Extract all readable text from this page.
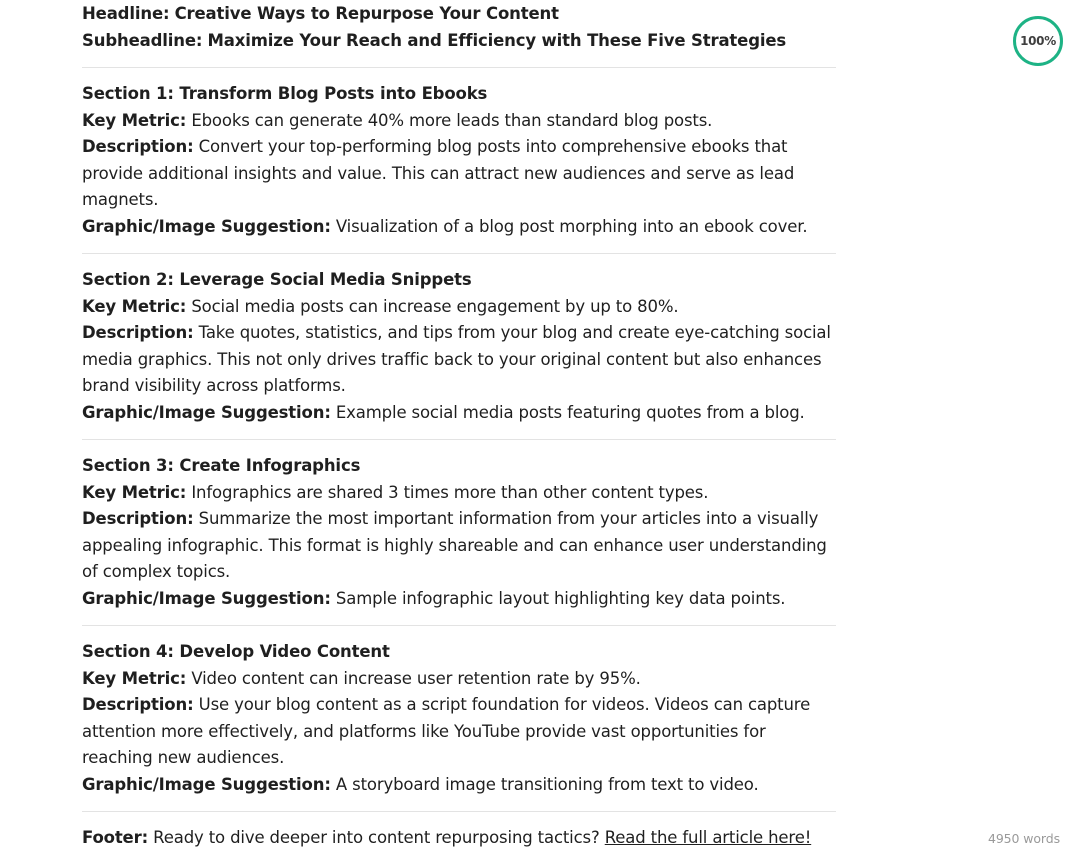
Headline: Creative Ways to Repurpose Your Content

Subheadline: Maximize Your Reach and Efficiency with These Five Strategies

Section 1: Transform Blog Posts into Ebooks

Key Metric: Ebooks can generate 40% more leads than standard blog posts.

Description: Convert your top-performing blog posts into comprehensive ebooks that provide additional insights and value. This can attract new audiences and serve as lead magnets.

Graphic/Image Suggestion: Visualization of a blog post morphing into an ebook cover.

Section 2: Leverage Social Media Snippets

Key Metric: Social media posts can increase engagement by up to 80%.

Description: Take quotes, statistics, and tips from your blog and create eye-catching social media graphics. This not only drives traffic back to your original content but also enhances brand visibility across platforms.

Graphic/Image Suggestion: Example social media posts featuring quotes from a blog.

Section 3: Create Infographics

Key Metric: Infographics are shared 3 times more than other content types.

Description: Summarize the most important information from your articles into a visually appealing infographic. This format is highly shareable and can enhance user understanding of complex topics.

Graphic/Image Suggestion: Sample infographic layout highlighting key data points.

Section 4: Develop Video Content

Key Metric: Video content can increase user retention rate by 95%.

Description: Use your blog content as a script foundation for videos. Videos can capture attention more effectively, and platforms like YouTube provide vast opportunities for reaching new audiences.

Graphic/Image Suggestion: A storyboard image transitioning from text to video.

Footer: Ready to dive deeper into content repurposing tactics? Read the full article here!

100%
4950 words
